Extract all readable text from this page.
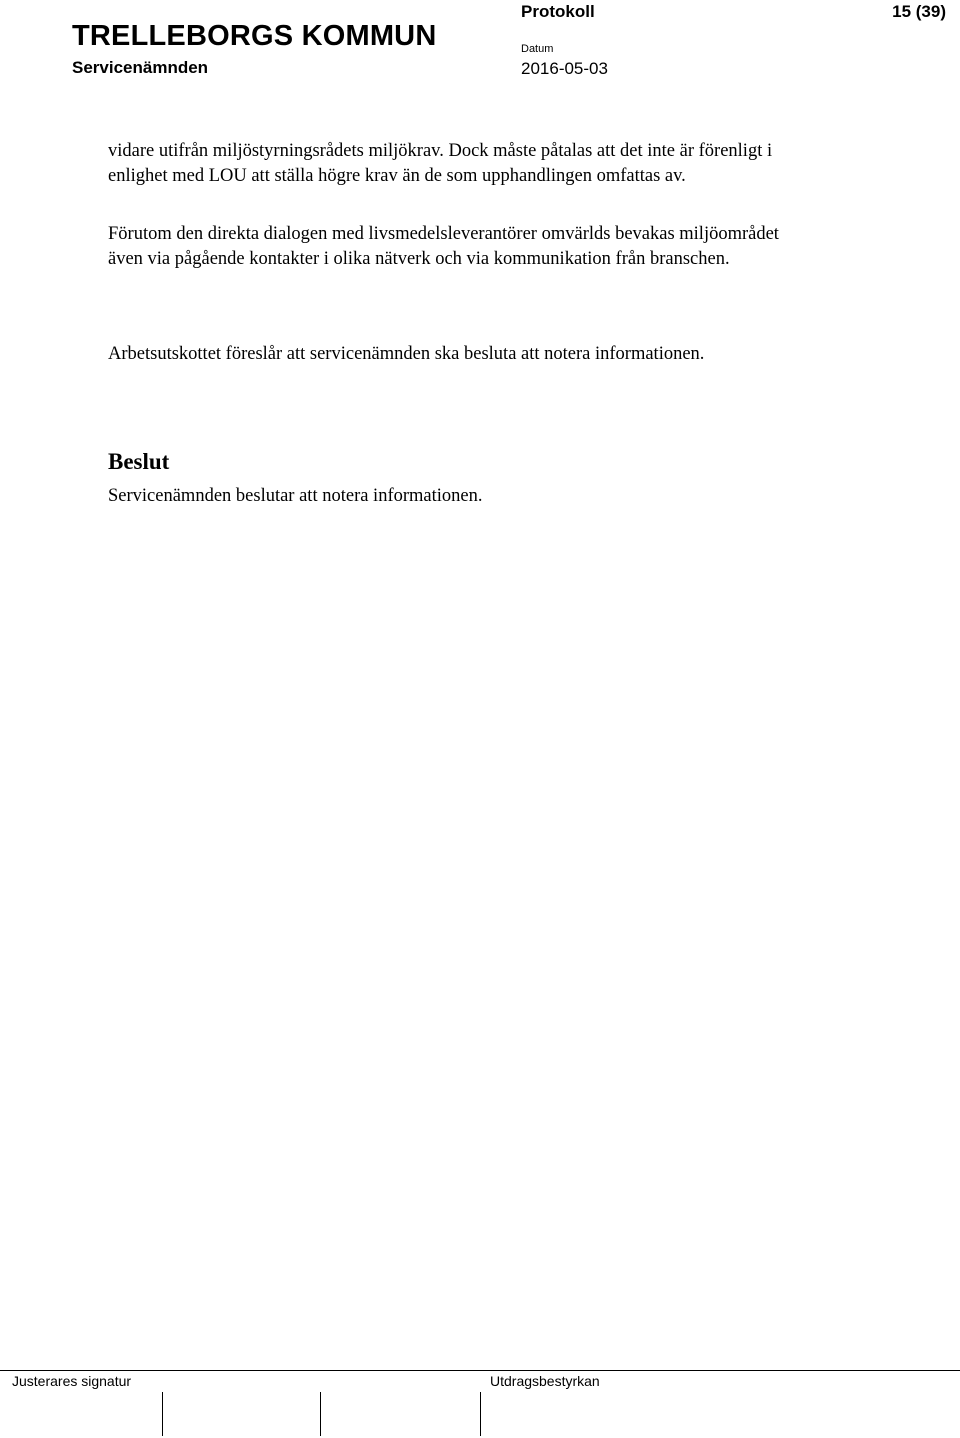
TRELLEBORGS KOMMUN
Servicenämnden
Protokoll	15 (39)
Datum
2016-05-03
vidare utifrån miljöstyrningsrådets miljökrav. Dock måste påtalas att det inte är förenligt i enlighet med LOU att ställa högre krav än de som upphandlingen omfattas av.
Förutom den direkta dialogen med livsmedelsleverantörer omvärlds bevakas miljöområdet även via pågående kontakter i olika nätverk och via kommunikation från branschen.
Arbetsutskottet föreslår att servicenämnden ska besluta att notera informationen.
Beslut
Servicenämnden beslutar att notera informationen.
Justerares signatur	Utdragsbestyrkan
